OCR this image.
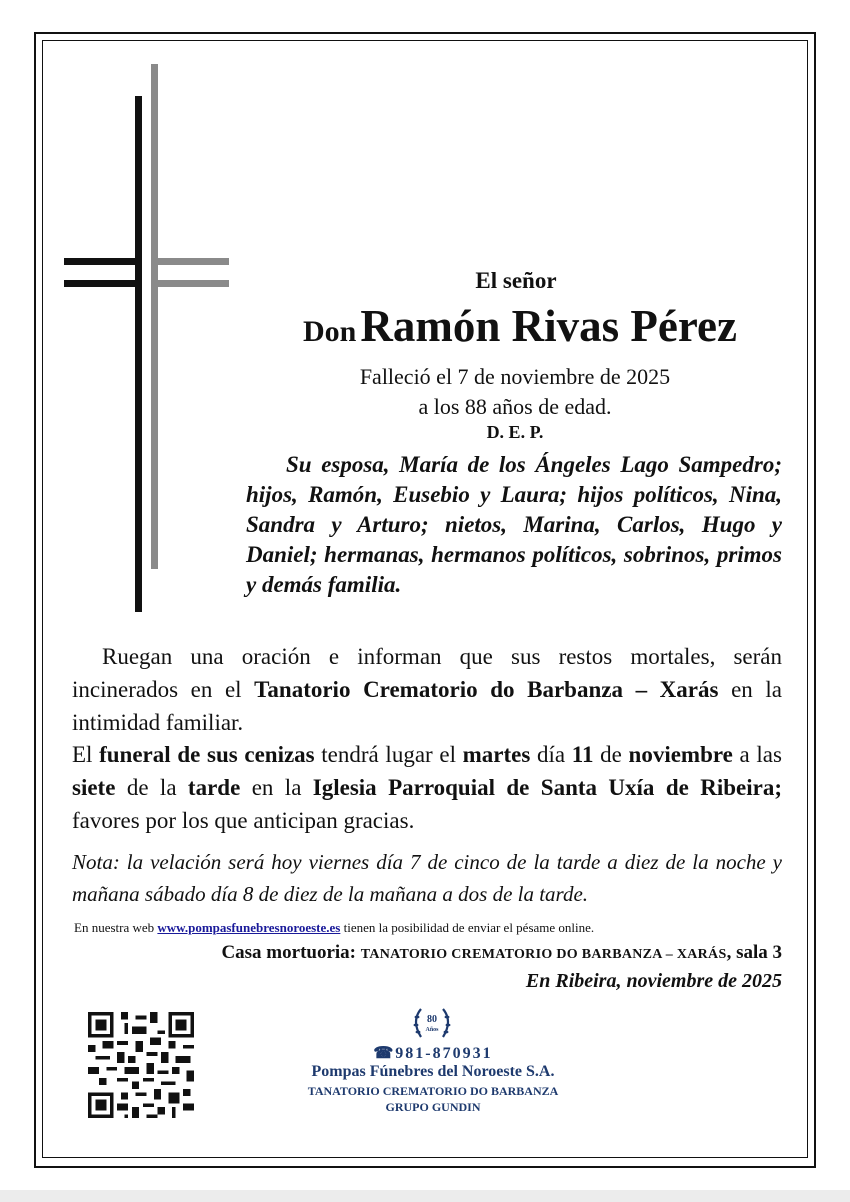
El señor
Don Ramón Rivas Pérez
Falleció el 7 de noviembre de 2025
a los 88 años de edad.
D. E. P.
Su esposa, María de los Ángeles Lago Sampedro; hijos, Ramón, Eusebio y Laura; hijos políticos, Nina, Sandra y Arturo; nietos, Marina, Carlos, Hugo y Daniel; hermanas, hermanos políticos, sobrinos, primos y demás familia.
Ruegan una oración e informan que sus restos mortales, serán incinerados en el Tanatorio Crematorio do Barbanza – Xarás en la intimidad familiar.
El funeral de sus cenizas tendrá lugar el martes día 11 de noviembre a las siete de la tarde en la Iglesia Parroquial de Santa Uxía de Ribeira; favores por los que anticipan gracias.
Nota: la velación será hoy viernes día 7 de cinco de la tarde a diez de la noche y mañana sábado día 8 de diez de la mañana a dos de la tarde.
En nuestra web www.pompasfunebresnoroeste.es tienen la posibilidad de enviar el pésame online.
Casa mortuoria: TANATORIO CREMATORIO DO BARBANZA – XARÁS, sala 3
En Ribeira, noviembre de 2025
80
Años
☎981-870931
Pompas Fúnebres del Noroeste S.A.
TANATORIO CREMATORIO DO BARBANZA
GRUPO GUNDIN
